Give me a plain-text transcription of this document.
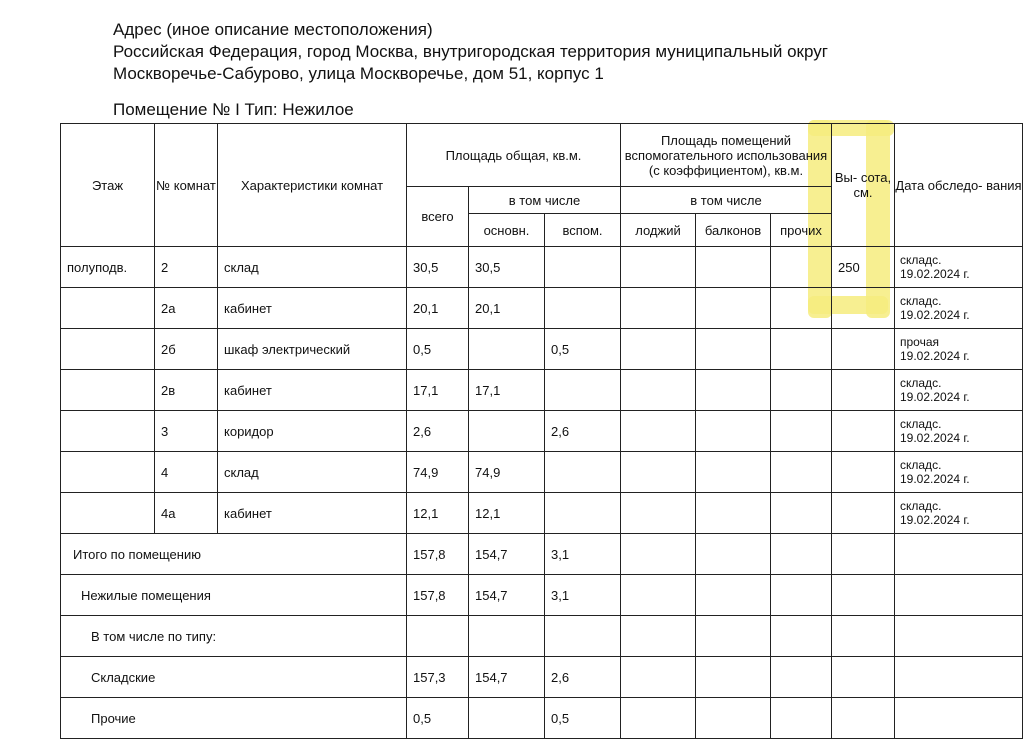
Адрес (иное описание местоположения)
Российская Федерация, город Москва, внутригородская территория муниципальный округ
Москворечье-Сабурово, улица Москворечье, дом 51, корпус 1
Помещение № I Тип: Нежилое
Этаж	№ комнат	Характеристики комнат	Площадь общая, кв.м.			Площадь помещений вспомогательного использования (с коэффициентом), кв.м.			Вы- сота, см.	Дата обследо- вания
			всего	в том числе		в том числе				
				основн.	вспом.	лоджий	балконов	прочих		
полуподв.	2	склад	30,5	30,5					250	складс.
19.02.2024 г.

	2а	кабинет	20,1	20,1						складс.
19.02.2024 г.

	2б	шкаф электрический	0,5		0,5					прочая
19.02.2024 г.

	2в	кабинет	17,1	17,1						складс.
19.02.2024 г.

	3	коридор	2,6		2,6					складс.
19.02.2024 г.

	4	склад	74,9	74,9						складс.
19.02.2024 г.

	4а	кабинет	12,1	12,1						складс.
19.02.2024 г.

Итого по помещению			157,8	154,7	3,1					
Нежилые помещения			157,8	154,7	3,1					
В том числе по типу:										
Складские			157,3	154,7	2,6					
Прочие			0,5		0,5					
